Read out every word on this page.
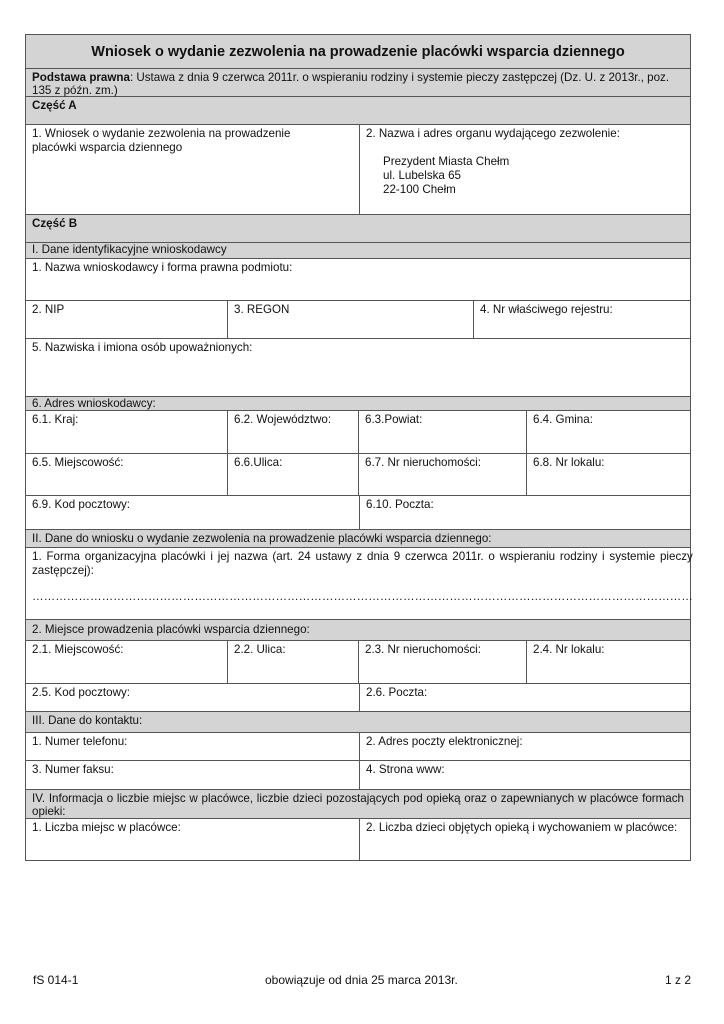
Wniosek o wydanie zezwolenia na prowadzenie placówki wsparcia dziennego
Podstawa prawna: Ustawa z dnia 9 czerwca 2011r. o wspieraniu rodziny i systemie pieczy zastępczej (Dz. U. z 2013r., poz. 135 z późn. zm.)
Część A
1. Wniosek o wydanie zezwolenia na prowadzenie placówki wsparcia dziennego
2. Nazwa i adres organu wydającego zezwolenie:
Prezydent Miasta Chełm
ul. Lubelska 65
22-100 Chełm
Część B
I. Dane identyfikacyjne wnioskodawcy
1. Nazwa wnioskodawcy i forma prawna podmiotu:
2. NIP	3. REGON	4. Nr właściwego rejestru:
5. Nazwiska i imiona osób upoważnionych:
6. Adres wnioskodawcy:
6.1. Kraj:	6.2. Województwo:	6.3.Powiat:	6.4. Gmina:
6.5. Miejscowość:	6.6.Ulica:	6.7. Nr nieruchomości:	6.8. Nr lokalu:
6.9. Kod pocztowy:	6.10. Poczta:
II. Dane do wniosku o wydanie zezwolenia na prowadzenie placówki wsparcia dziennego:
1. Forma organizacyjna placówki i jej nazwa (art. 24 ustawy z dnia 9 czerwca 2011r. o wspieraniu rodziny i systemie pieczy zastępczej):
………………………………………………………………………………………………………………………………………………………
2. Miejsce prowadzenia placówki wsparcia dziennego:
2.1. Miejscowość:	2.2. Ulica:	2.3. Nr nieruchomości:	2.4. Nr lokalu:
2.5. Kod pocztowy:	2.6. Poczta:
III. Dane do kontaktu:
1. Numer telefonu:	2. Adres poczty elektronicznej:
3. Numer faksu:	4. Strona www:
IV. Informacja o liczbie miejsc w placówce, liczbie dzieci pozostających pod opieką oraz o zapewnianych w placówce formach opieki:
1. Liczba miejsc w placówce:	2. Liczba dzieci objętych opieką i wychowaniem w placówce:
fS 014-1	obowiązuje od dnia 25 marca 2013r.	1 z 2
